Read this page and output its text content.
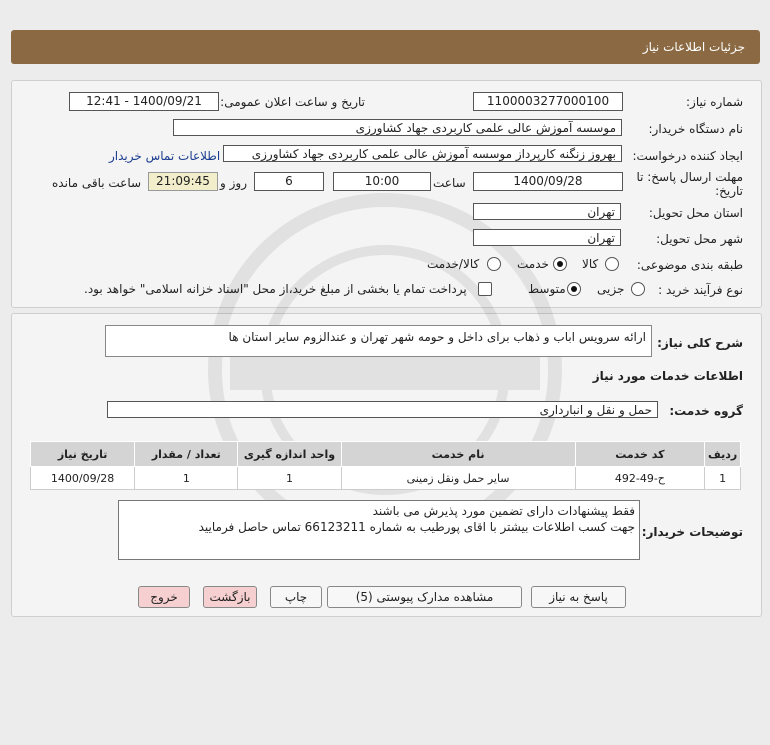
جزئیات اطلاعات نیاز
شماره نیاز:
1100003277000100
تاریخ و ساعت اعلان عمومی:
1400/09/21 - 12:41
نام دستگاه خریدار:
موسسه آموزش عالی علمی کاربردی جهاد کشاورزی
ایجاد کننده درخواست:
بهروز زنگنه کارپرداز موسسه آموزش عالی علمی کاربردی جهاد کشاورزی
اطلاعات تماس خریدار
مهلت ارسال پاسخ: تا
تاریخ:
1400/09/28
ساعت
10:00
6
روز و
21:09:45
ساعت باقی مانده
استان محل تحویل:
تهران
شهر محل تحویل:
تهران
طبقه بندی موضوعی:
کالا
خدمت
کالا/خدمت
نوع فرآیند خرید :
جزیی
متوسط
پرداخت تمام یا بخشی از مبلغ خرید،از محل "اسناد خزانه اسلامی" خواهد بود.
شرح کلی نیاز:
ارائه سرویس اباب و ذهاب برای داخل و حومه شهر تهران و عندالزوم سایر استان ها
اطلاعات خدمات مورد نیاز
گروه خدمت:
حمل و نقل و انبارداری
ردیف	کد خدمت	نام خدمت	واحد اندازه گیری	تعداد / مقدار	تاریخ نیاز
1	ح-49-492	سایر حمل ونقل زمینی	1	1	1400/09/28
توضیحات خریدار:
فقط پیشنهادات دارای تضمین مورد پذیرش می باشند
جهت کسب اطلاعات بیشتر با اقای پورطیب به شماره 66123211 تماس حاصل فرمایید
پاسخ به نیاز
مشاهده مدارک پیوستی (5)
چاپ
بازگشت
خروج
